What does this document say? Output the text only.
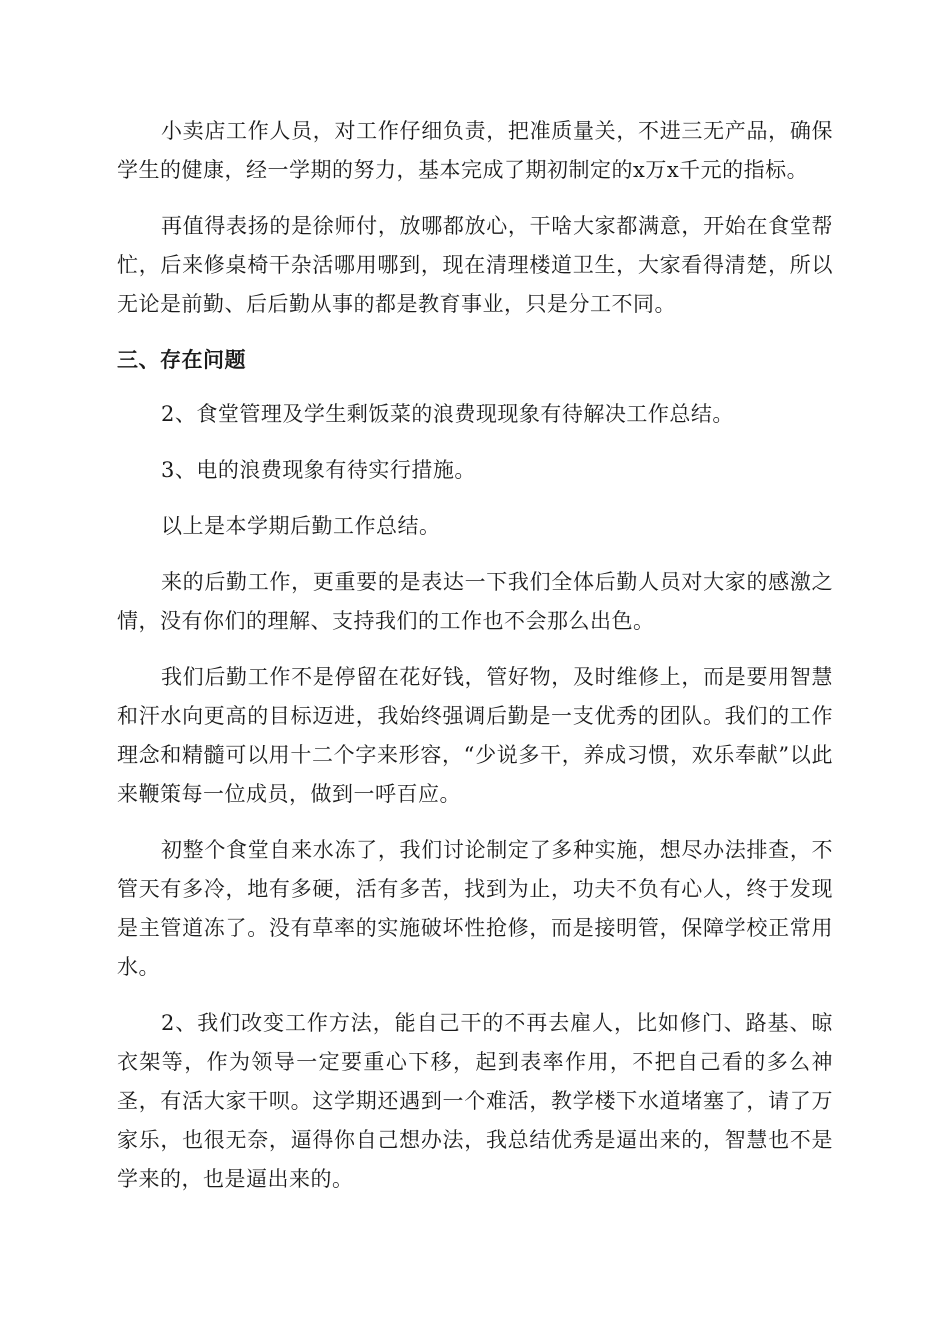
小卖店工作人员，对工作仔细负责，把准质量关，不进三无产品，确保学生的健康，经一学期的努力，基本完成了期初制定的x万x千元的指标。

再值得表扬的是徐师付，放哪都放心，干啥大家都满意，开始在食堂帮忙，后来修桌椅干杂活哪用哪到，现在清理楼道卫生，大家看得清楚，所以无论是前勤、后后勤从事的都是教育事业，只是分工不同。

三、存在问题

2、食堂管理及学生剩饭菜的浪费现现象有待解决工作总结。

3、电的浪费现象有待实行措施。

以上是本学期后勤工作总结。

来的后勤工作，更重要的是表达一下我们全体后勤人员对大家的感激之情，没有你们的理解、支持我们的工作也不会那么出色。

我们后勤工作不是停留在花好钱，管好物，及时维修上，而是要用智慧和汗水向更高的目标迈进，我始终强调后勤是一支优秀的团队。我们的工作理念和精髓可以用十二个字来形容，“少说多干，养成习惯，欢乐奉献”以此来鞭策每一位成员，做到一呼百应。

初整个食堂自来水冻了，我们讨论制定了多种实施，想尽办法排查，不管天有多冷，地有多硬，活有多苦，找到为止，功夫不负有心人，终于发现是主管道冻了。没有草率的实施破坏性抢修，而是接明管，保障学校正常用水。

2、我们改变工作方法，能自己干的不再去雇人，比如修门、路基、晾衣架等，作为领导一定要重心下移，起到表率作用，不把自己看的多么神圣，有活大家干呗。这学期还遇到一个难活，教学楼下水道堵塞了，请了万家乐，也很无奈，逼得你自己想办法，我总结优秀是逼出来的，智慧也不是学来的，也是逼出来的。
